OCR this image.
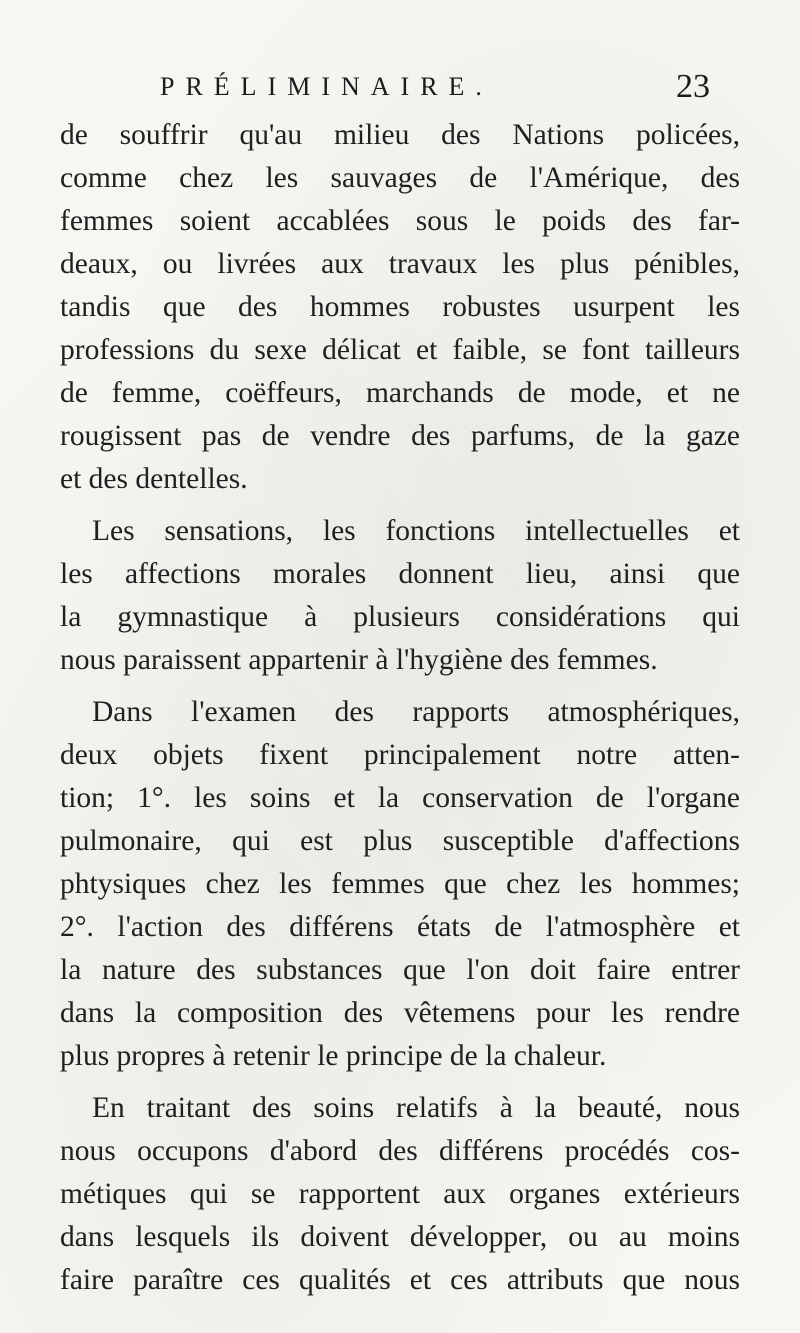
PRÉLIMINAIRE.	23
de souffrir qu'au milieu des Nations policées,
comme chez les sauvages de l'Amérique, des
femmes soient accablées sous le poids des far-
deaux, ou livrées aux travaux les plus pénibles,
tandis que des hommes robustes usurpent les
professions du sexe délicat et faible, se font tailleurs
de femme, coëffeurs, marchands de mode, et ne
rougissent pas de vendre des parfums, de la gaze
et des dentelles.
Les sensations, les fonctions intellectuelles et
les affections morales donnent lieu, ainsi que
la gymnastique à plusieurs considérations qui
nous paraissent appartenir à l'hygiène des femmes.
Dans l'examen des rapports atmosphériques,
deux objets fixent principalement notre atten-
tion; 1°. les soins et la conservation de l'organe
pulmonaire, qui est plus susceptible d'affections
phtysiques chez les femmes que chez les hommes;
2°. l'action des différens états de l'atmosphère et
la nature des substances que l'on doit faire entrer
dans la composition des vêtemens pour les rendre
plus propres à retenir le principe de la chaleur.
En traitant des soins relatifs à la beauté, nous
nous occupons d'abord des différens procédés cos-
métiques qui se rapportent aux organes extérieurs
dans lesquels ils doivent développer, ou au moins
faire paraître ces qualités et ces attributs que nous
